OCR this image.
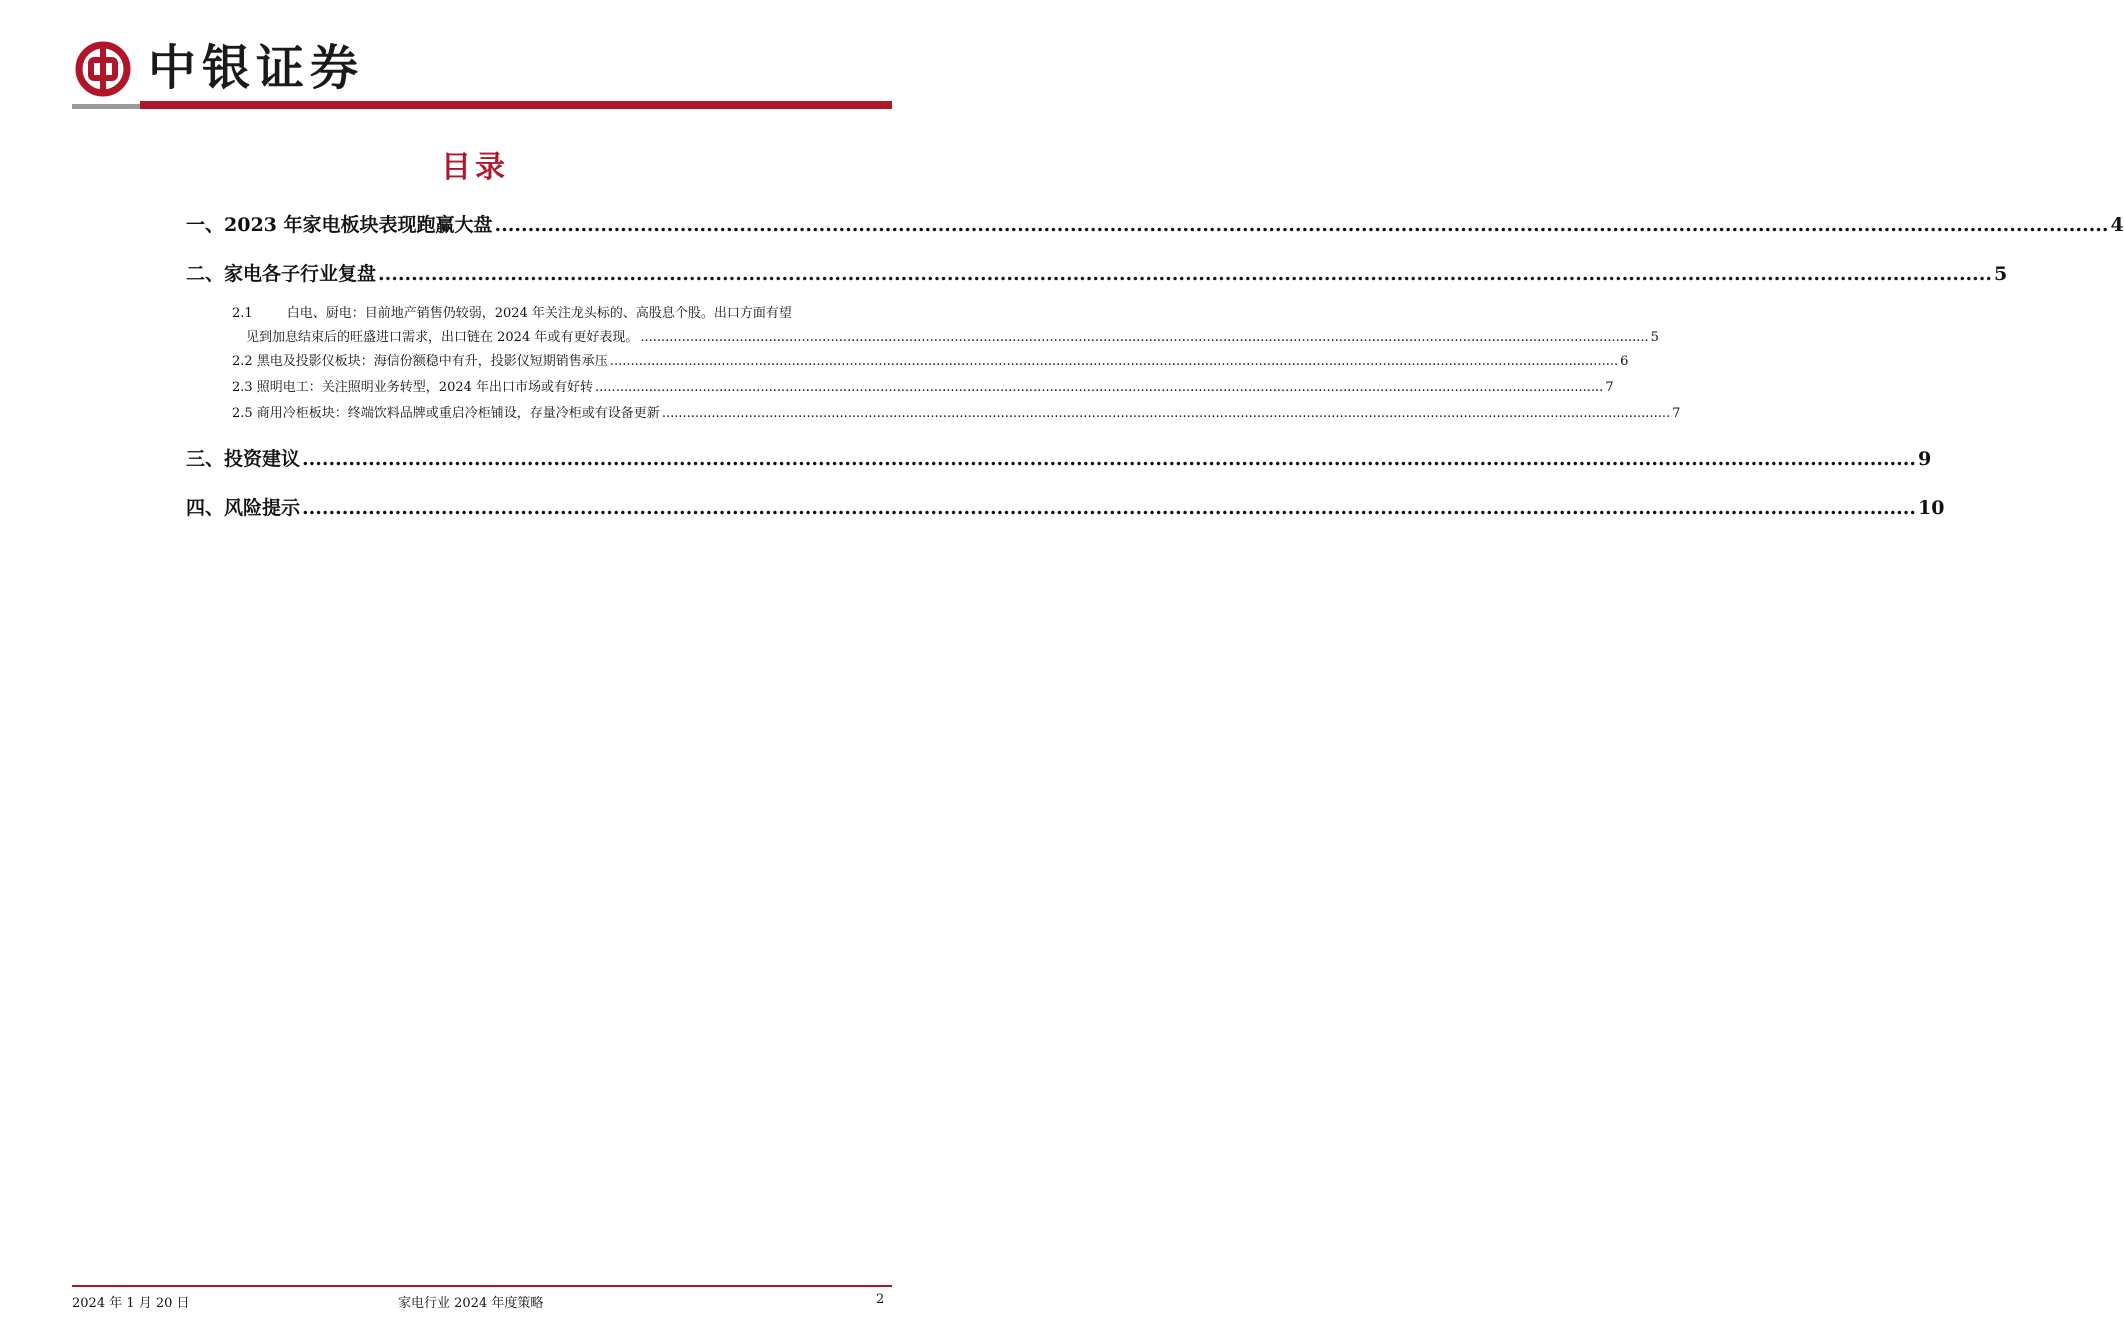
中银证券
目录
一、2023 年家电板块表现跑赢大盘 .................................................................................................................................................................................................................................................... 4
二、家电各子行业复盘 .................................................................................................................................................................................................................................................... 5
2.1	白电、厨电：目前地产销售仍较弱，2024 年关注龙头标的、高股息个股。出口方面有望
见到加息结束后的旺盛进口需求，出口链在 2024 年或有更好表现。 .................................................................................................................................................................................................................................................... 5
2.2 黑电及投影仪板块：海信份额稳中有升，投影仪短期销售承压 .................................................................................................................................................................................................................................................... 6
2.3 照明电工：关注照明业务转型，2024 年出口市场或有好转 .................................................................................................................................................................................................................................................... 7
2.5 商用冷柜板块：终端饮料品牌或重启冷柜铺设，存量冷柜或有设备更新 .................................................................................................................................................................................................................................................... 7
三、投资建议 .................................................................................................................................................................................................................................................... 9
四、风险提示 .................................................................................................................................................................................................................................................... 10
2024 年 1 月 20 日	家电行业 2024 年度策略	2
